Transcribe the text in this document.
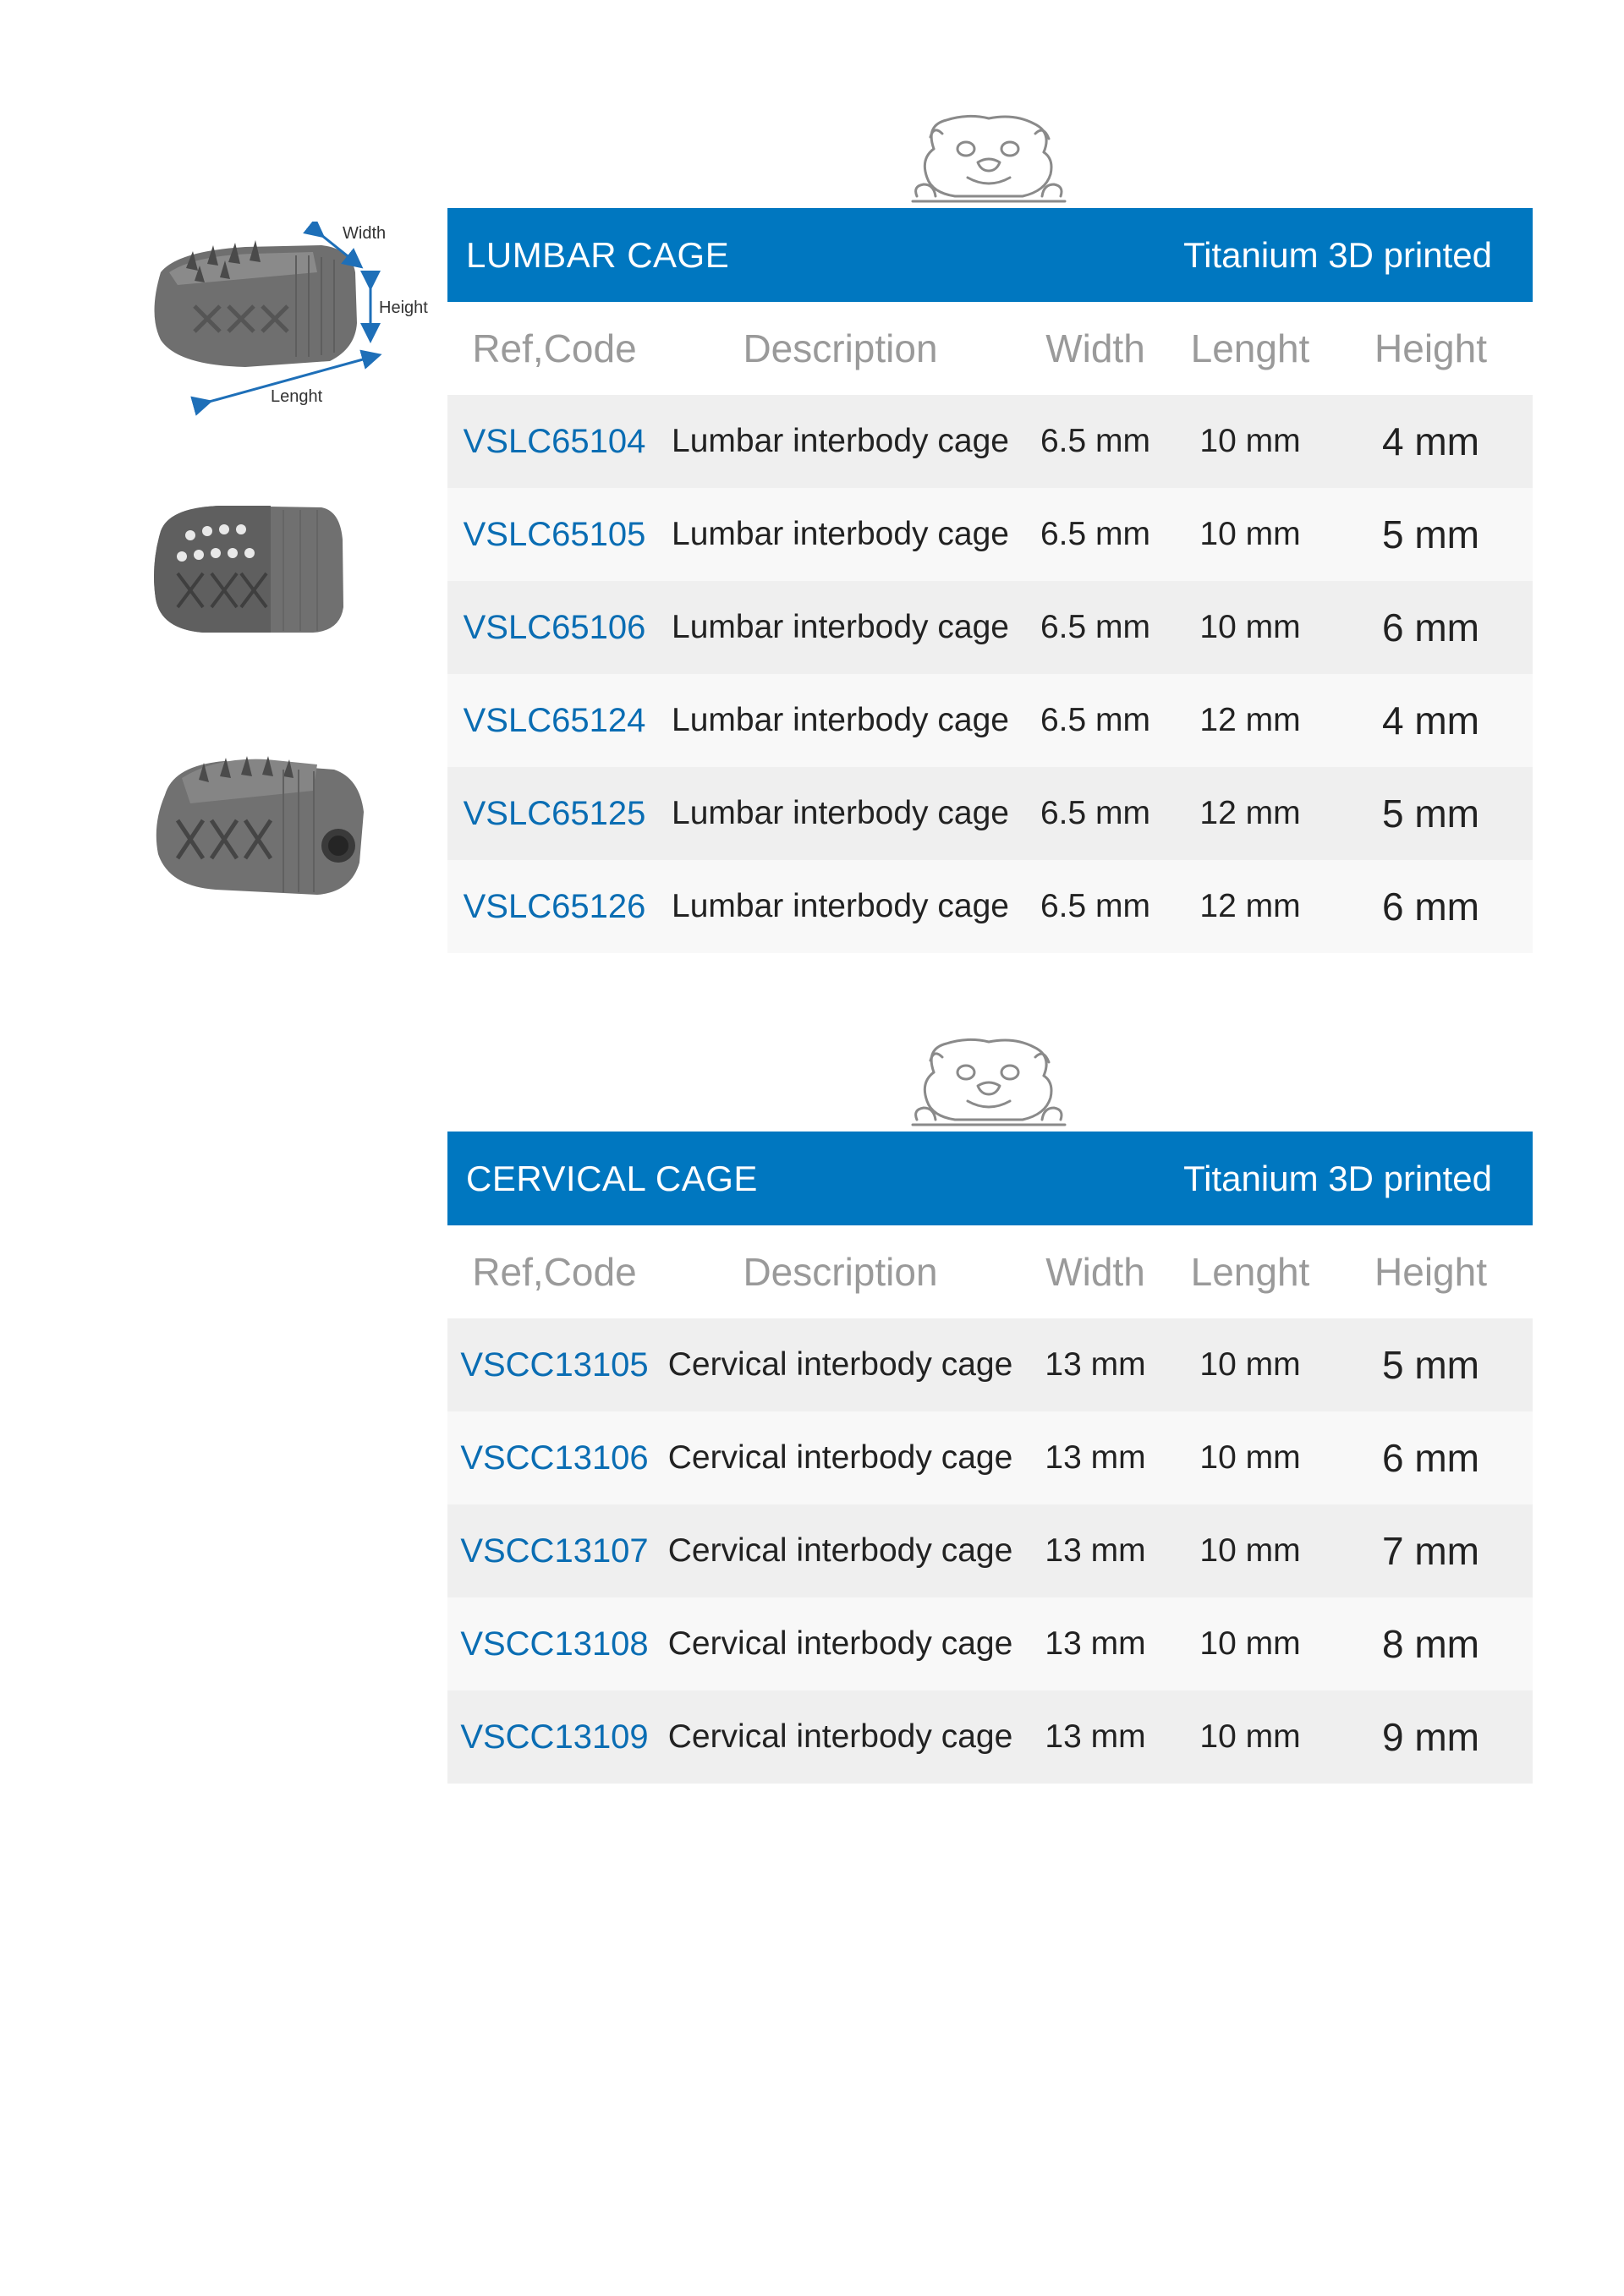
Width
Height
Lenght
LUMBAR CAGE	Titanium 3D printed
Ref,Code	Description	Width	Lenght	Height
VSLC65104	Lumbar interbody cage	6.5 mm	10 mm	4 mm
VSLC65105	Lumbar interbody cage	6.5 mm	10 mm	5 mm
VSLC65106	Lumbar interbody cage	6.5 mm	10 mm	6 mm
VSLC65124	Lumbar interbody cage	6.5 mm	12 mm	4 mm
VSLC65125	Lumbar interbody cage	6.5 mm	12 mm	5 mm
VSLC65126	Lumbar interbody cage	6.5 mm	12 mm	6 mm
CERVICAL CAGE	Titanium 3D printed
Ref,Code	Description	Width	Lenght	Height
VSCC13105	Cervical interbody cage	13 mm	10 mm	5 mm
VSCC13106	Cervical interbody cage	13 mm	10 mm	6 mm
VSCC13107	Cervical interbody cage	13 mm	10 mm	7 mm
VSCC13108	Cervical interbody cage	13 mm	10 mm	8 mm
VSCC13109	Cervical interbody cage	13 mm	10 mm	9 mm
